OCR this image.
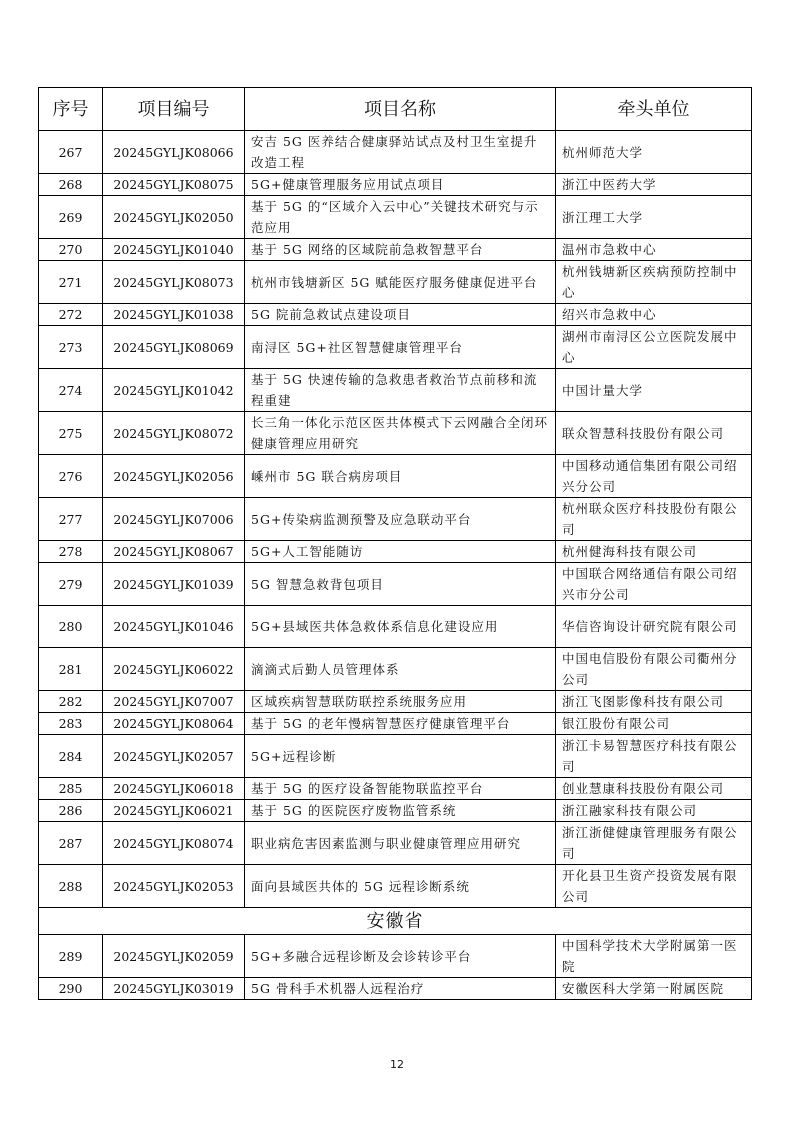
序号	项目编号	项目名称	牵头单位
267	20245GYLJK08066	安吉 5G 医养结合健康驿站试点及村卫生室提升改造工程	杭州师范大学
268	20245GYLJK08075	5G+健康管理服务应用试点项目	浙江中医药大学
269	20245GYLJK02050	基于 5G 的“区域介入云中心”关键技术研究与示范应用	浙江理工大学
270	20245GYLJK01040	基于 5G 网络的区域院前急救智慧平台	温州市急救中心
271	20245GYLJK08073	杭州市钱塘新区 5G 赋能医疗服务健康促进平台	杭州钱塘新区疾病预防控制中心
272	20245GYLJK01038	5G 院前急救试点建设项目	绍兴市急救中心
273	20245GYLJK08069	南浔区 5G+社区智慧健康管理平台	湖州市南浔区公立医院发展中心
274	20245GYLJK01042	基于 5G 快速传输的急救患者救治节点前移和流程重建	中国计量大学
275	20245GYLJK08072	长三角一体化示范区医共体模式下云网融合全闭环健康管理应用研究	联众智慧科技股份有限公司
276	20245GYLJK02056	嵊州市 5G 联合病房项目	中国移动通信集团有限公司绍兴分公司
277	20245GYLJK07006	5G+传染病监测预警及应急联动平台	杭州联众医疗科技股份有限公司
278	20245GYLJK08067	5G+人工智能随访	杭州健海科技有限公司
279	20245GYLJK01039	5G 智慧急救背包项目	中国联合网络通信有限公司绍兴市分公司
280	20245GYLJK01046	5G+县域医共体急救体系信息化建设应用	华信咨询设计研究院有限公司
281	20245GYLJK06022	滴滴式后勤人员管理体系	中国电信股份有限公司衢州分公司
282	20245GYLJK07007	区域疾病智慧联防联控系统服务应用	浙江飞图影像科技有限公司
283	20245GYLJK08064	基于 5G 的老年慢病智慧医疗健康管理平台	银江股份有限公司
284	20245GYLJK02057	5G+远程诊断	浙江卡易智慧医疗科技有限公司
285	20245GYLJK06018	基于 5G 的医疗设备智能物联监控平台	创业慧康科技股份有限公司
286	20245GYLJK06021	基于 5G 的医院医疗废物监管系统	浙江融家科技有限公司
287	20245GYLJK08074	职业病危害因素监测与职业健康管理应用研究	浙江浙健健康管理服务有限公司
288	20245GYLJK02053	面向县域医共体的 5G 远程诊断系统	开化县卫生资产投资发展有限公司
安徽省			
289	20245GYLJK02059	5G+多融合远程诊断及会诊转诊平台	中国科学技术大学附属第一医院
290	20245GYLJK03019	5G 骨科手术机器人远程治疗	安徽医科大学第一附属医院
12
